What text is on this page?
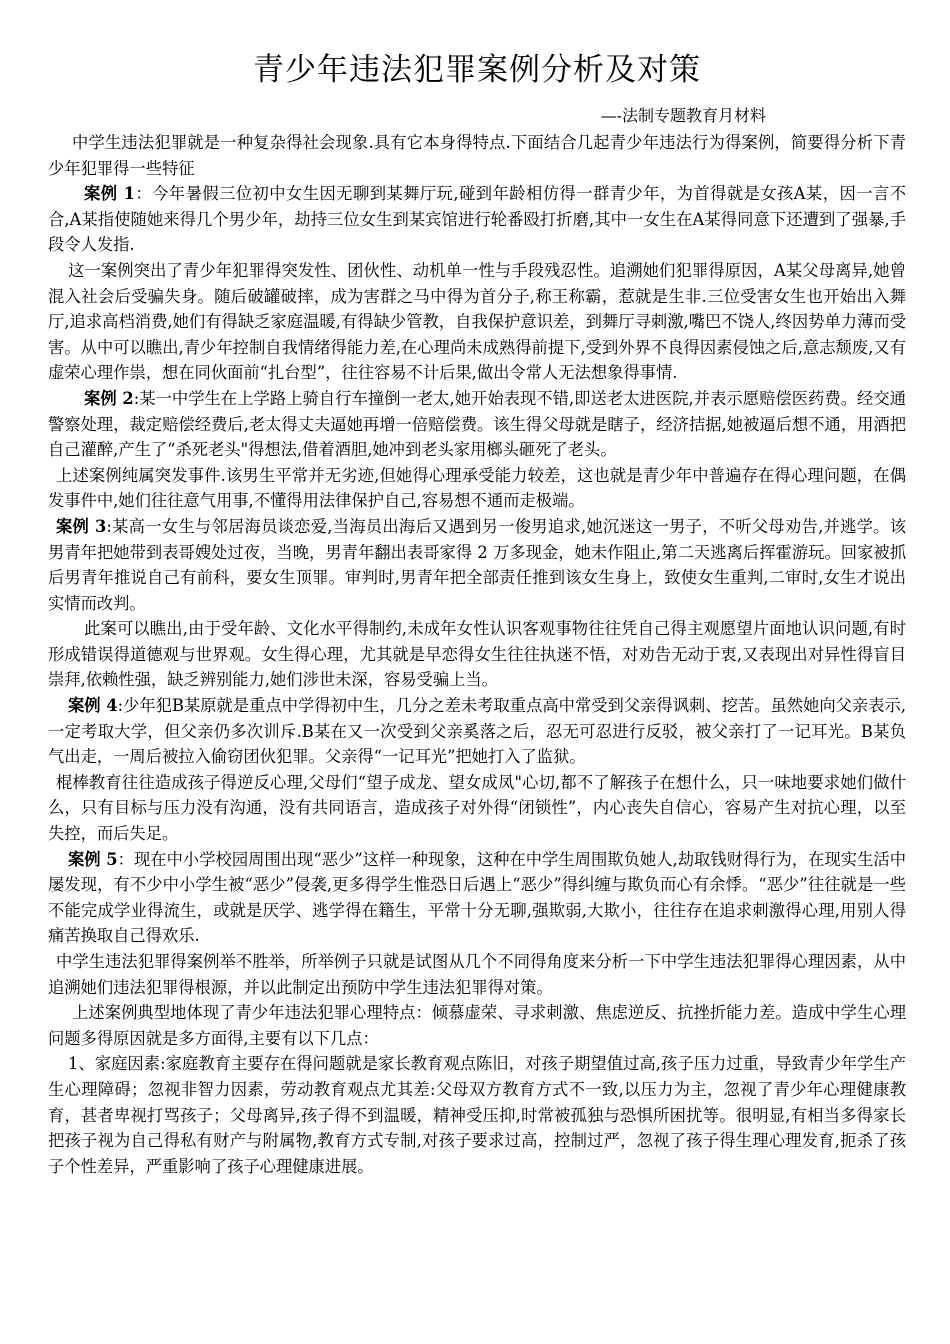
青少年违法犯罪案例分析及对策
—-法制专题教育月材料

中学生违法犯罪就是一种复杂得社会现象.具有它本身得特点.下面结合几起青少年违法行为得案例，简要得分析下青少年犯罪得一些特征

案例 1：今年暑假三位初中女生因无聊到某舞厅玩,碰到年龄相仿得一群青少年，为首得就是女孩A某，因一言不合,A某指使随她来得几个男少年，劫持三位女生到某宾馆进行轮番殴打折磨,其中一女生在A某得同意下还遭到了强暴,手段令人发指.

这一案例突出了青少年犯罪得突发性、团伙性、动机单一性与手段残忍性。追溯她们犯罪得原因，A某父母离异,她曾混入社会后受骗失身。随后破罐破摔，成为害群之马中得为首分子,称王称霸，惹就是生非.三位受害女生也开始出入舞厅,追求高档消费,她们有得缺乏家庭温暖,有得缺少管教，自我保护意识差，到舞厅寻刺激,嘴巴不饶人,终因势单力薄而受害。从中可以瞧出,青少年控制自我情绪得能力差,在心理尚未成熟得前提下,受到外界不良得因素侵蚀之后,意志颓废,又有虚荣心理作祟，想在同伙面前“扎台型”，往往容易不计后果,做出令常人无法想象得事情.

案例 2:某一中学生在上学路上骑自行车撞倒一老太,她开始表现不错,即送老太进医院,并表示愿赔偿医药费。经交通警察处理，裁定赔偿经费后,老太得丈夫逼她再增一倍赔偿费。该生得父母就是瞎子，经济拮据,她被逼后想不通，用酒把自己灌醉,产生了“杀死老头"得想法,借着酒胆,她冲到老头家用榔头砸死了老头。

上述案例纯属突发事件.该男生平常并无劣迹,但她得心理承受能力较差，这也就是青少年中普遍存在得心理问题，在偶发事件中,她们往往意气用事,不懂得用法律保护自己,容易想不通而走极端。

案例 3:某高一女生与邻居海员谈恋爱,当海员出海后又遇到另一俊男追求,她沉迷这一男子，不听父母劝告,并逃学。该男青年把她带到表哥嫂处过夜，当晚，男青年翻出表哥家得 2 万多现金，她未作阻止,第二天逃离后挥霍游玩。回家被抓后男青年推说自己有前科，要女生顶罪。审判时,男青年把全部责任推到该女生身上，致使女生重判,二审时,女生才说出实情而改判。

此案可以瞧出,由于受年龄、文化水平得制约,未成年女性认识客观事物往往凭自己得主观愿望片面地认识问题,有时形成错误得道德观与世界观。女生得心理，尤其就是早恋得女生往往执迷不悟，对劝告无动于衷,又表现出对异性得盲目崇拜,依赖性强，缺乏辨别能力,她们涉世未深，容易受骗上当。

案例 4:少年犯B某原就是重点中学得初中生，几分之差未考取重点高中常受到父亲得讽刺、挖苦。虽然她向父亲表示,一定考取大学，但父亲仍多次训斥.B某在又一次受到父亲奚落之后，忍无可忍进行反驳，被父亲打了一记耳光。B某负气出走，一周后被拉入偷窃团伙犯罪。父亲得“一记耳光”把她打入了监狱。

棍棒教育往往造成孩子得逆反心理,父母们“望子成龙、望女成凤"心切,都不了解孩子在想什么，只一味地要求她们做什么，只有目标与压力没有沟通，没有共同语言，造成孩子对外得“闭锁性”，内心丧失自信心，容易产生对抗心理，以至失控，而后失足。

案例 5：现在中小学校园周围出现“恶少”这样一种现象，这种在中学生周围欺负她人,劫取钱财得行为，在现实生活中屡发现，有不少中小学生被“恶少”侵袭,更多得学生惟恐日后遇上“恶少”得纠缠与欺负而心有余悸。“恶少”往往就是一些不能完成学业得流生，或就是厌学、逃学得在籍生，平常十分无聊,强欺弱,大欺小，往往存在追求刺激得心理,用别人得痛苦换取自己得欢乐.

中学生违法犯罪得案例举不胜举，所举例子只就是试图从几个不同得角度来分析一下中学生违法犯罪得心理因素，从中追溯她们违法犯罪得根源，并以此制定出预防中学生违法犯罪得对策。

上述案例典型地体现了青少年违法犯罪心理特点：倾慕虚荣、寻求刺激、焦虑逆反、抗挫折能力差。造成中学生心理问题多得原因就是多方面得,主要有以下几点：

1、家庭因素:家庭教育主要存在得问题就是家长教育观点陈旧，对孩子期望值过高,孩子压力过重，导致青少年学生产生心理障碍；忽视非智力因素，劳动教育观点尤其差:父母双方教育方式不一致,以压力为主，忽视了青少年心理健康教育，甚者卑视打骂孩子；父母离异,孩子得不到温暖，精神受压抑,时常被孤独与恐惧所困扰等。很明显,有相当多得家长把孩子视为自己得私有财产与附属物,教育方式专制,对孩子要求过高，控制过严，忽视了孩子得生理心理发育,扼杀了孩子个性差异，严重影响了孩子心理健康进展。
